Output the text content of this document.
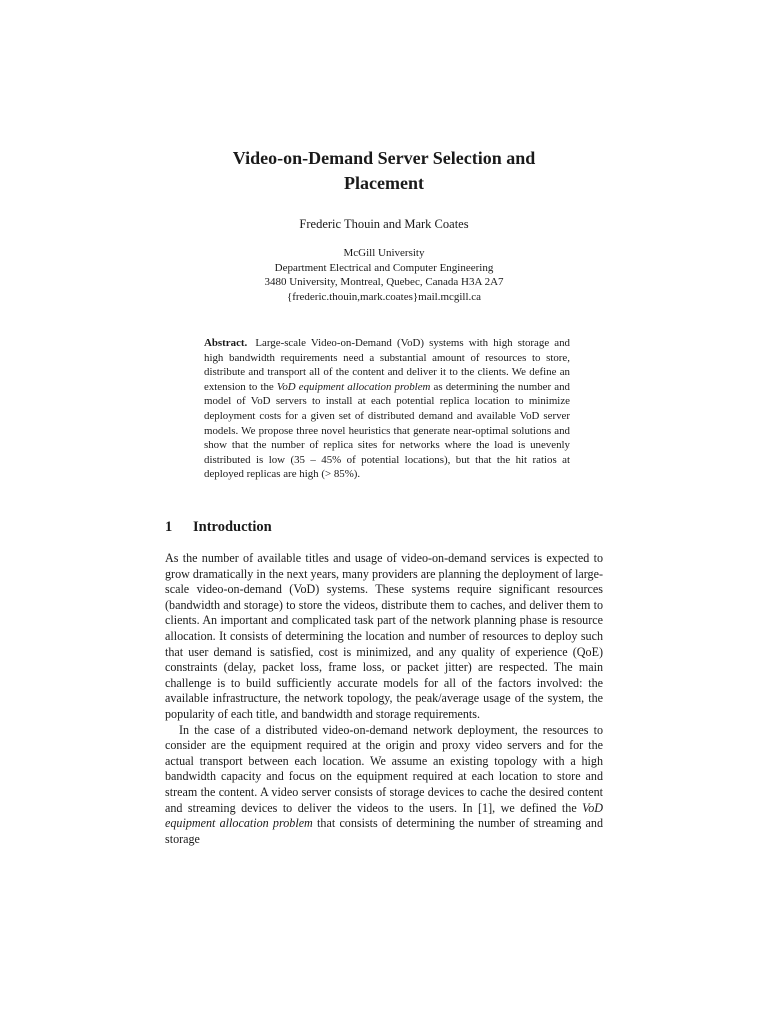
Video-on-Demand Server Selection and
Placement
Frederic Thouin and Mark Coates
McGill University
Department Electrical and Computer Engineering
3480 University, Montreal, Quebec, Canada H3A 2A7
{frederic.thouin,mark.coates}mail.mcgill.ca

Abstract. Large-scale Video-on-Demand (VoD) systems with high storage and high bandwidth requirements need a substantial amount of resources to store, distribute and transport all of the content and deliver it to the clients. We define an extension to the VoD equipment allocation problem as determining the number and model of VoD servers to install at each potential replica location to minimize deployment costs for a given set of distributed demand and available VoD server models. We propose three novel heuristics that generate near-optimal solutions and show that the number of replica sites for networks where the load is unevenly distributed is low (35 – 45% of potential locations), but that the hit ratios at deployed replicas are high (> 85%).

1 Introduction

As the number of available titles and usage of video-on-demand services is expected to grow dramatically in the next years, many providers are planning the deployment of large-scale video-on-demand (VoD) systems. These systems require significant resources (bandwidth and storage) to store the videos, distribute them to caches, and deliver them to clients. An important and complicated task part of the network planning phase is resource allocation. It consists of determining the location and number of resources to deploy such that user demand is satisfied, cost is minimized, and any quality of experience (QoE) constraints (delay, packet loss, frame loss, or packet jitter) are respected. The main challenge is to build sufficiently accurate models for all of the factors involved: the available infrastructure, the network topology, the peak/average usage of the system, the popularity of each title, and bandwidth and storage requirements.

In the case of a distributed video-on-demand network deployment, the resources to consider are the equipment required at the origin and proxy video servers and for the actual transport between each location. We assume an existing topology with a high bandwidth capacity and focus on the equipment required at each location to store and stream the content. A video server consists of storage devices to cache the desired content and streaming devices to deliver the videos to the users. In [1], we defined the VoD equipment allocation problem that consists of determining the number of streaming and storage
